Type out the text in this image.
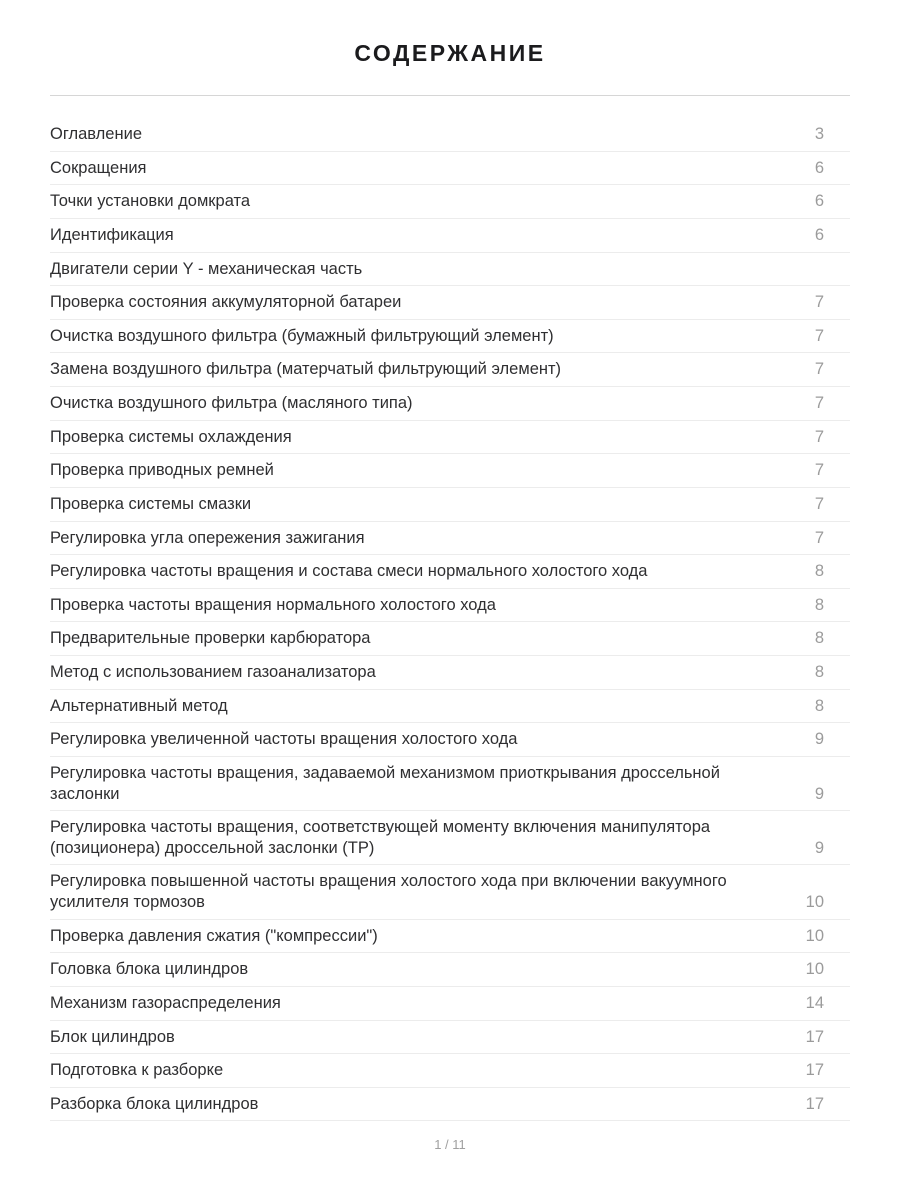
СОДЕРЖАНИЕ
Оглавление	3
Сокращения	6
Точки установки домкрата	6
Идентификация	6
Двигатели серии Y - механическая часть
Проверка состояния аккумуляторной батареи	7
Очистка воздушного фильтра (бумажный фильтрующий элемент)	7
Замена воздушного фильтра (матерчатый фильтрующий элемент)	7
Очистка воздушного фильтра (масляного типа)	7
Проверка системы охлаждения	7
Проверка приводных ремней	7
Проверка системы смазки	7
Регулировка угла опережения зажигания	7
Регулировка частоты вращения и состава смеси нормального холостого хода	8
Проверка частоты вращения нормального холостого хода	8
Предварительные проверки карбюратора	8
Метод с использованием газоанализатора	8
Альтернативный метод	8
Регулировка увеличенной частоты вращения холостого хода	9
Регулировка частоты вращения, задаваемой механизмом приоткрывания дроссельной заслонки	9
Регулировка частоты вращения, соответствующей моменту включения манипулятора (позиционера) дроссельной заслонки (TP)	9
Регулировка повышенной частоты вращения холостого хода при включении вакуумного усилителя тормозов	10
Проверка давления сжатия ("компрессии")	10
Головка блока цилиндров	10
Механизм газораспределения	14
Блок цилиндров	17
Подготовка к разборке	17
Разборка блока цилиндров	17
1 / 11
